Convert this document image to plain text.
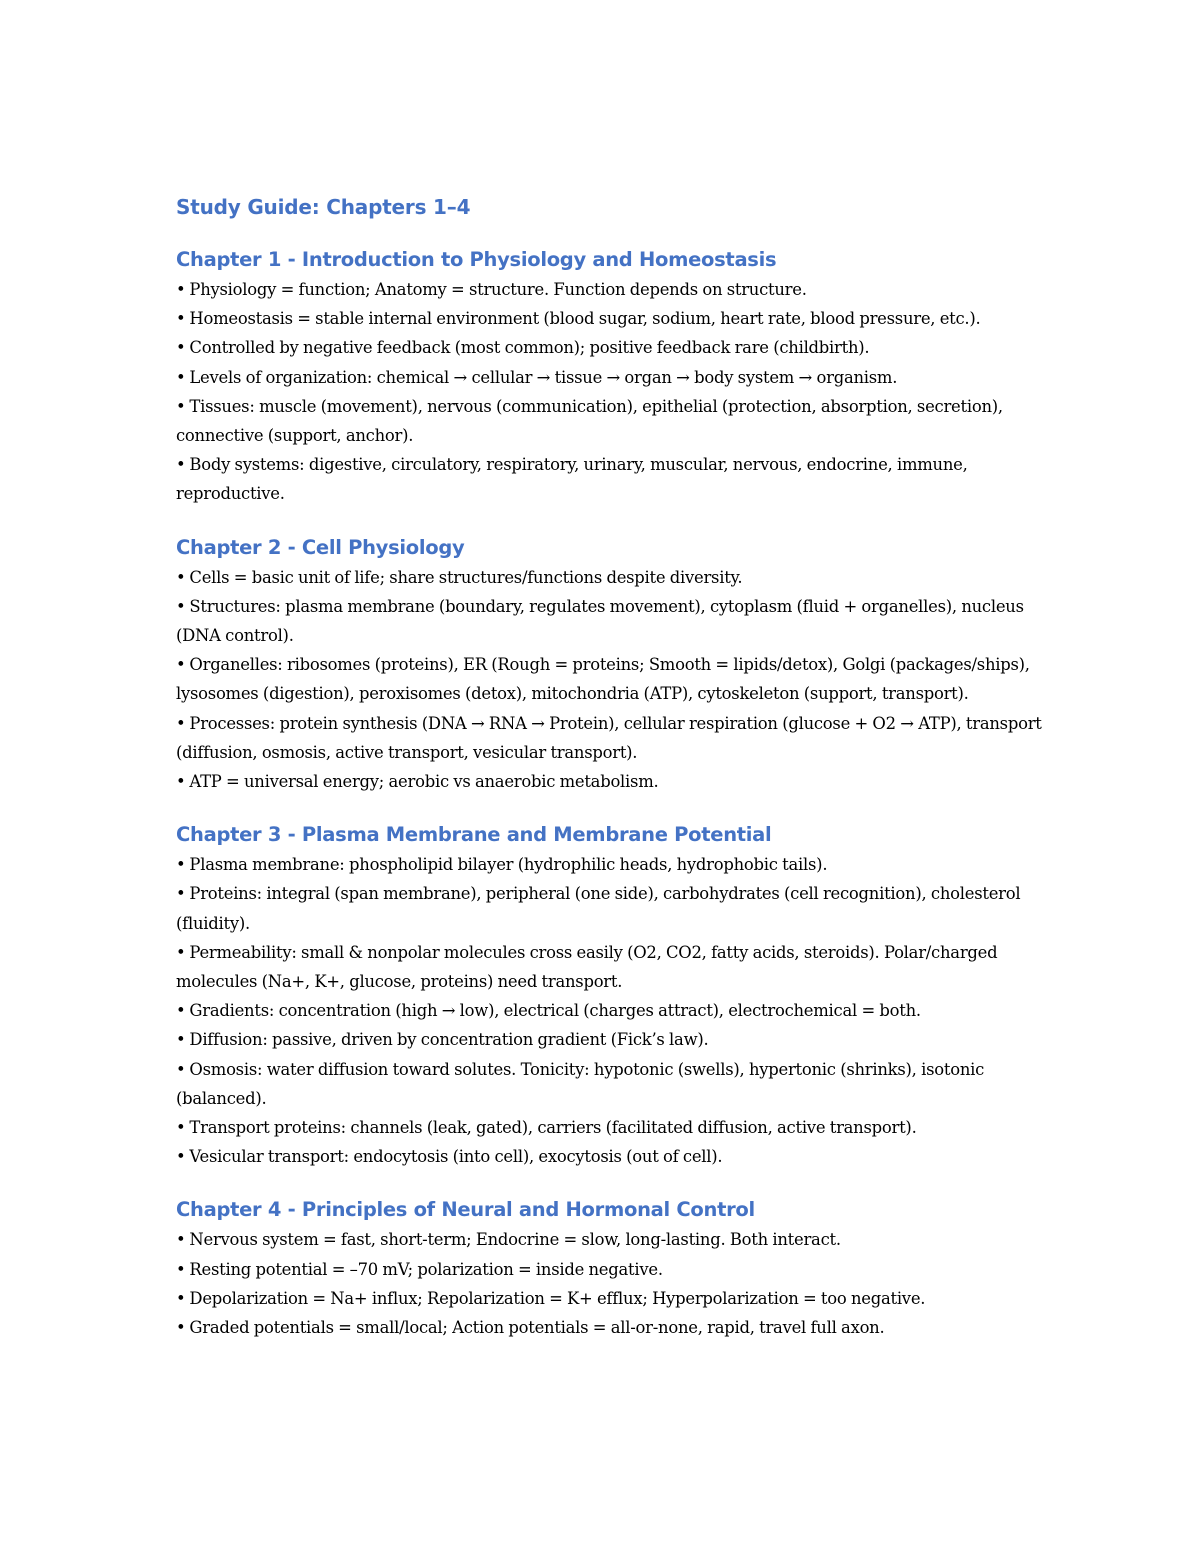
Study Guide: Chapters 1–4
Chapter 1 - Introduction to Physiology and Homeostasis
• Physiology = function; Anatomy = structure. Function depends on structure.
• Homeostasis = stable internal environment (blood sugar, sodium, heart rate, blood pressure, etc.).
• Controlled by negative feedback (most common); positive feedback rare (childbirth).
• Levels of organization: chemical → cellular → tissue → organ → body system → organism.
• Tissues: muscle (movement), nervous (communication), epithelial (protection, absorption, secretion), connective (support, anchor).
• Body systems: digestive, circulatory, respiratory, urinary, muscular, nervous, endocrine, immune, reproductive.
Chapter 2 - Cell Physiology
• Cells = basic unit of life; share structures/functions despite diversity.
• Structures: plasma membrane (boundary, regulates movement), cytoplasm (fluid + organelles), nucleus (DNA control).
• Organelles: ribosomes (proteins), ER (Rough = proteins; Smooth = lipids/detox), Golgi (packages/ships), lysosomes (digestion), peroxisomes (detox), mitochondria (ATP), cytoskeleton (support, transport).
• Processes: protein synthesis (DNA → RNA → Protein), cellular respiration (glucose + O2 → ATP), transport (diffusion, osmosis, active transport, vesicular transport).
• ATP = universal energy; aerobic vs anaerobic metabolism.
Chapter 3 - Plasma Membrane and Membrane Potential
• Plasma membrane: phospholipid bilayer (hydrophilic heads, hydrophobic tails).
• Proteins: integral (span membrane), peripheral (one side), carbohydrates (cell recognition), cholesterol (fluidity).
• Permeability: small & nonpolar molecules cross easily (O2, CO2, fatty acids, steroids). Polar/charged molecules (Na+, K+, glucose, proteins) need transport.
• Gradients: concentration (high → low), electrical (charges attract), electrochemical = both.
• Diffusion: passive, driven by concentration gradient (Fick’s law).
• Osmosis: water diffusion toward solutes. Tonicity: hypotonic (swells), hypertonic (shrinks), isotonic (balanced).
• Transport proteins: channels (leak, gated), carriers (facilitated diffusion, active transport).
• Vesicular transport: endocytosis (into cell), exocytosis (out of cell).
Chapter 4 - Principles of Neural and Hormonal Control
• Nervous system = fast, short-term; Endocrine = slow, long-lasting. Both interact.
• Resting potential = –70 mV; polarization = inside negative.
• Depolarization = Na+ influx; Repolarization = K+ efflux; Hyperpolarization = too negative.
• Graded potentials = small/local; Action potentials = all-or-none, rapid, travel full axon.
